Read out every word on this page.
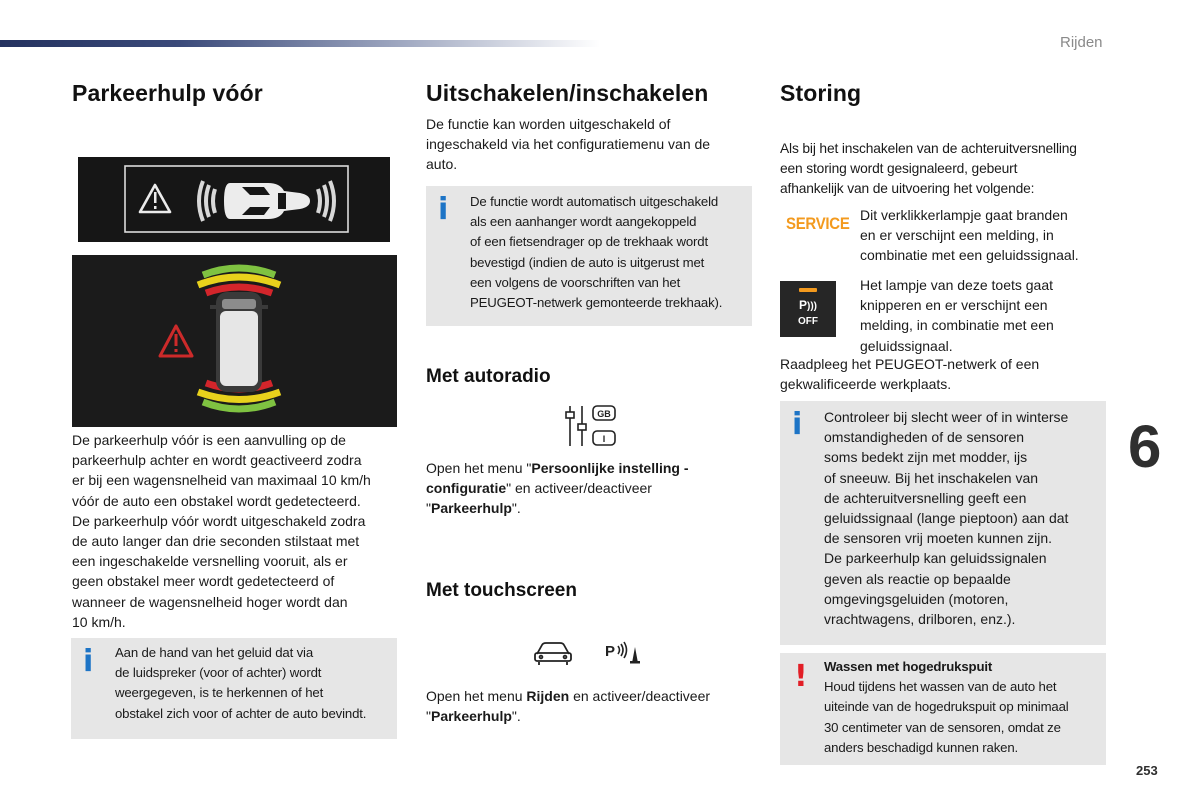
Rijden
Parkeerhulp vóór

De parkeerhulp vóór is een aanvulling op de

parkeerhulp achter en wordt geactiveerd zodra

er bij een wagensnelheid van maximaal 10 km/h

vóór de auto een obstakel wordt gedetecteerd.

De parkeerhulp vóór wordt uitgeschakeld zodra

de auto langer dan drie seconden stilstaat met

een ingeschakelde versnelling vooruit, als er

geen obstakel meer wordt gedetecteerd of

wanneer de wagensnelheid hoger wordt dan

10 km/h.

i Aan de hand van het geluid dat via

de luidspreker (voor of achter) wordt

weergegeven, is te herkennen of het

obstakel zich voor of achter de auto bevindt.

Uitschakelen/inschakelen

De functie kan worden uitgeschakeld of

ingeschakeld via het configuratiemenu van de

auto.

i De functie wordt automatisch uitgeschakeld

als een aanhanger wordt aangekoppeld

of een fietsendrager op de trekhaak wordt

bevestigd (indien de auto is uitgerust met

een volgens de voorschriften van het

PEUGEOT-netwerk gemonteerde trekhaak).

Met autoradio
GB
I

Open het menu "Persoonlijke instelling -

configuratie" en activeer/deactiveer

"Parkeerhulp".

Met touchscreen
P

Open het menu Rijden en activeer/deactiveer

"Parkeerhulp".

Storing

Als bij het inschakelen van de achteruitversnelling

een storing wordt gesignaleerd, gebeurt

afhankelijk van de uitvoering het volgende:

SERVICE Dit verklikkerlampje gaat branden

en er verschijnt een melding, in

combinatie met een geluidssignaal.

P)))
OFF

Het lampje van deze toets gaat

knipperen en er verschijnt een

melding, in combinatie met een

geluidssignaal.

Raadpleeg het PEUGEOT-netwerk of een

gekwalificeerde werkplaats.

i Controleer bij slecht weer of in winterse

omstandigheden of de sensoren

soms bedekt zijn met modder, ijs

of sneeuw. Bij het inschakelen van

de achteruitversnelling geeft een

geluidssignaal (lange pieptoon) aan dat

de sensoren vrij moeten kunnen zijn.

De parkeerhulp kan geluidssignalen

geven als reactie op bepaalde

omgevingsgeluiden (motoren,

vrachtwagens, drilboren, enz.).

! Wassen met hogedrukspuit

Houd tijdens het wassen van de auto het

uiteinde van de hogedrukspuit op minimaal

30 centimeter van de sensoren, omdat ze

anders beschadigd kunnen raken.

6
253
